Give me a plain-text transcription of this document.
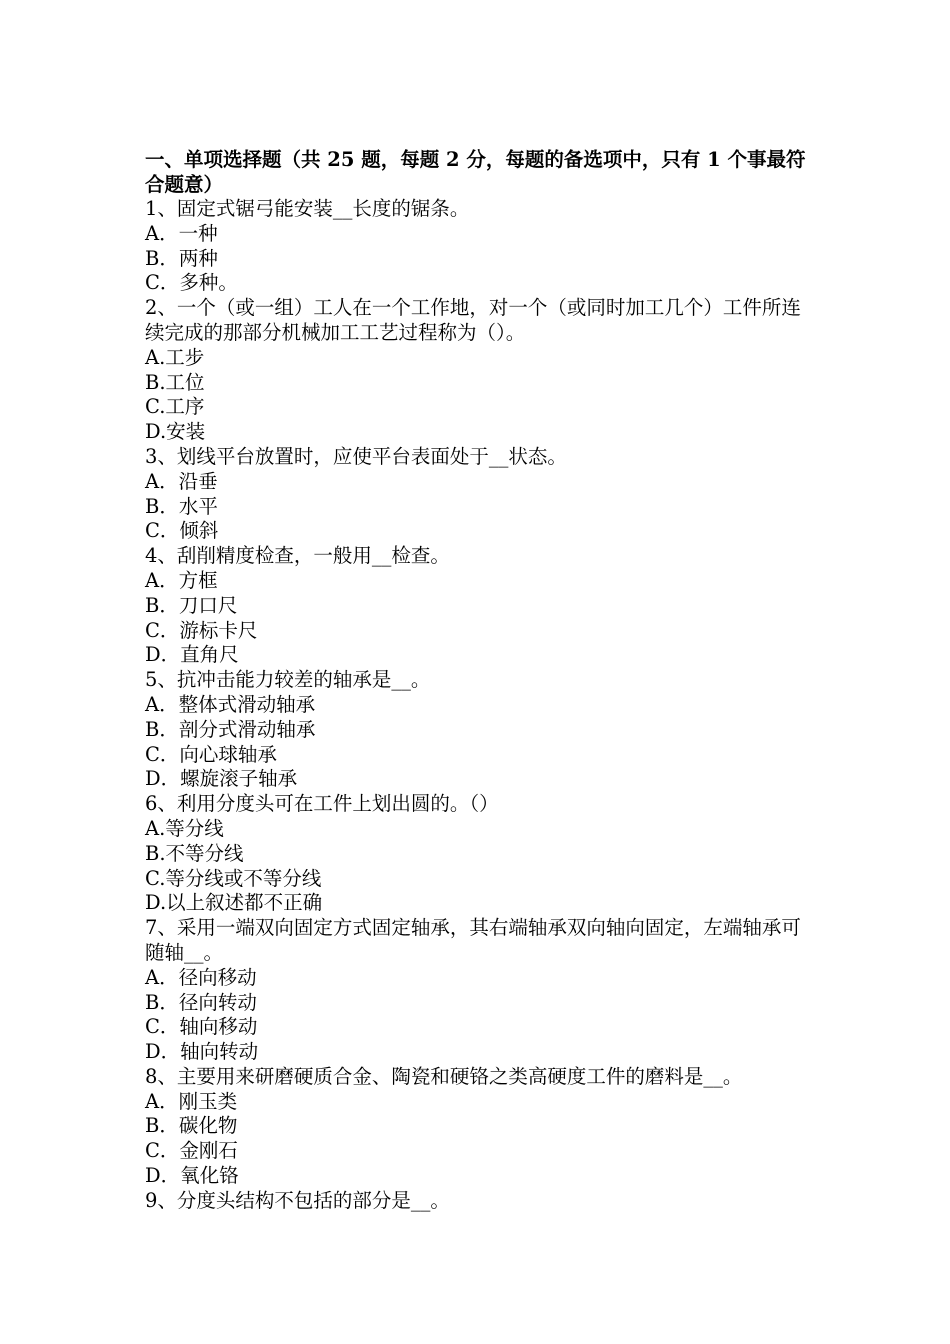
一、单项选择题（共 25 题，每题 2 分，每题的备选项中，只有 1 个事最符合题意）

1、固定式锯弓能安装__长度的锯条。

A．一种

B．两种

C．多种。

2、一个（或一组）工人在一个工作地，对一个（或同时加工几个）工件所连续完成的那部分机械加工工艺过程称为（）。

A.工步

B.工位

C.工序

D.安装

3、划线平台放置时，应使平台表面处于__状态。

A．沿垂

B．水平

C．倾斜

4、刮削精度检查，一般用__检查。

A．方框

B．刀口尺

C．游标卡尺

D．直角尺

5、抗冲击能力较差的轴承是__。

A．整体式滑动轴承

B．剖分式滑动轴承

C．向心球轴承

D．螺旋滚子轴承

6、利用分度头可在工件上划出圆的。（）

A.等分线

B.不等分线

C.等分线或不等分线

D.以上叙述都不正确

7、采用一端双向固定方式固定轴承，其右端轴承双向轴向固定，左端轴承可随轴__。

A．径向移动

B．径向转动

C．轴向移动

D．轴向转动

8、主要用来研磨硬质合金、陶瓷和硬铬之类高硬度工件的磨料是__。

A．刚玉类

B．碳化物

C．金刚石

D．氧化铬

9、分度头结构不包括的部分是__。
